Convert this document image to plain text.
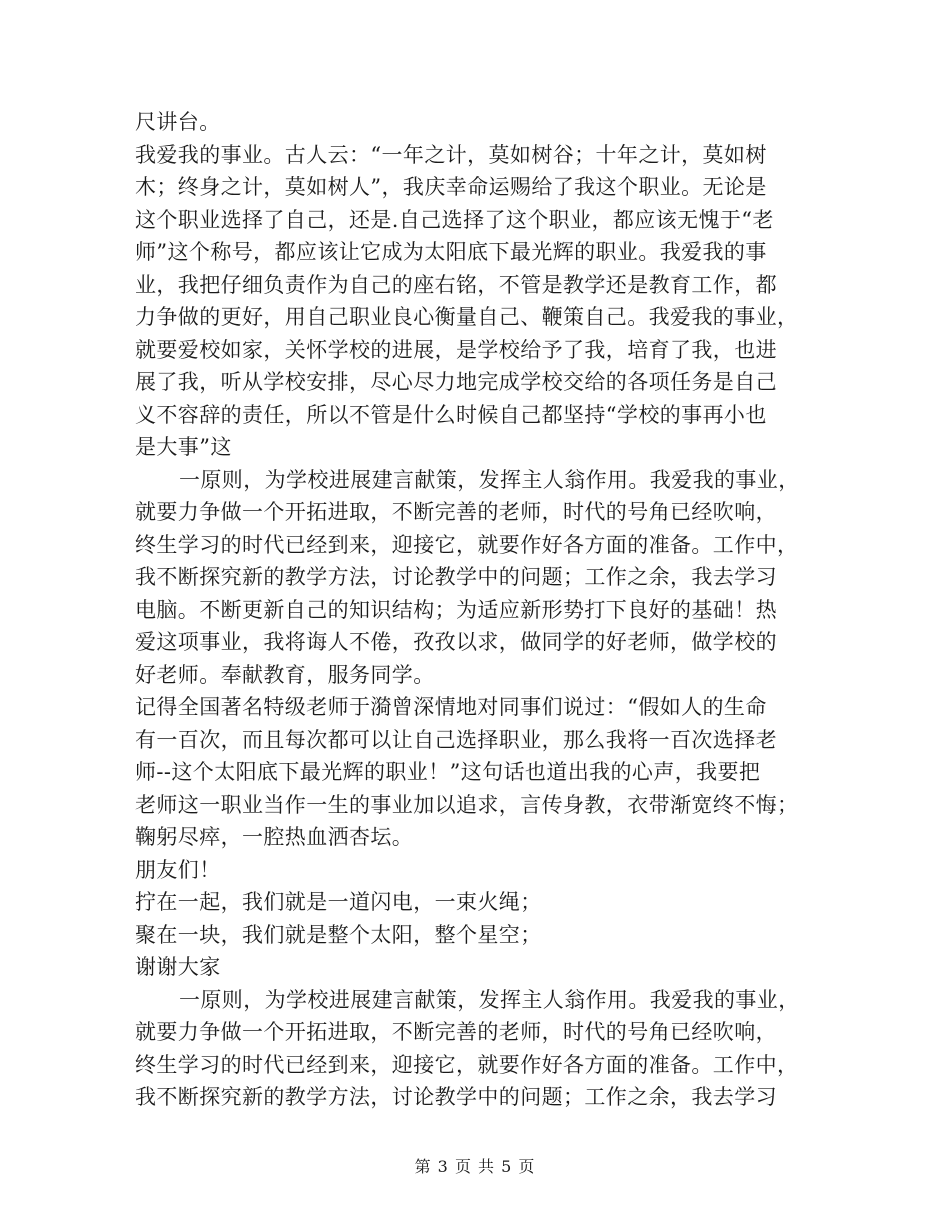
尺讲台。
我爱我的事业。古人云：“一年之计，莫如树谷；十年之计，莫如树
木；终身之计，莫如树人”，我庆幸命运赐给了我这个职业。无论是
这个职业选择了自己，还是.自己选择了这个职业，都应该无愧于“老
师”这个称号，都应该让它成为太阳底下最光辉的职业。我爱我的事
业，我把仔细负责作为自己的座右铭，不管是教学还是教育工作，都
力争做的更好，用自己职业良心衡量自己、鞭策自己。我爱我的事业，
就要爱校如家，关怀学校的进展，是学校给予了我，培育了我，也进
展了我，听从学校安排，尽心尽力地完成学校交给的各项任务是自己
义不容辞的责任，所以不管是什么时候自己都坚持“学校的事再小也
是大事”这
一原则，为学校进展建言献策，发挥主人翁作用。我爱我的事业，
就要力争做一个开拓进取，不断完善的老师，时代的号角已经吹响，
终生学习的时代已经到来，迎接它，就要作好各方面的准备。工作中，
我不断探究新的教学方法，讨论教学中的问题；工作之余，我去学习
电脑。不断更新自己的知识结构；为适应新形势打下良好的基础！热
爱这项事业，我将诲人不倦，孜孜以求，做同学的好老师，做学校的
好老师。奉献教育，服务同学。
记得全国著名特级老师于漪曾深情地对同事们说过：“假如人的生命
有一百次，而且每次都可以让自己选择职业，那么我将一百次选择老
师--这个太阳底下最光辉的职业！”这句话也道出我的心声，我要把
老师这一职业当作一生的事业加以追求，言传身教，衣带渐宽终不悔；
鞠躬尽瘁，一腔热血洒杏坛。
朋友们！
拧在一起，我们就是一道闪电，一束火绳；
聚在一块，我们就是整个太阳，整个星空；
谢谢大家
一原则，为学校进展建言献策，发挥主人翁作用。我爱我的事业，
就要力争做一个开拓进取，不断完善的老师，时代的号角已经吹响，
终生学习的时代已经到来，迎接它，就要作好各方面的准备。工作中，
我不断探究新的教学方法，讨论教学中的问题；工作之余，我去学习
第 3 页 共 5 页
